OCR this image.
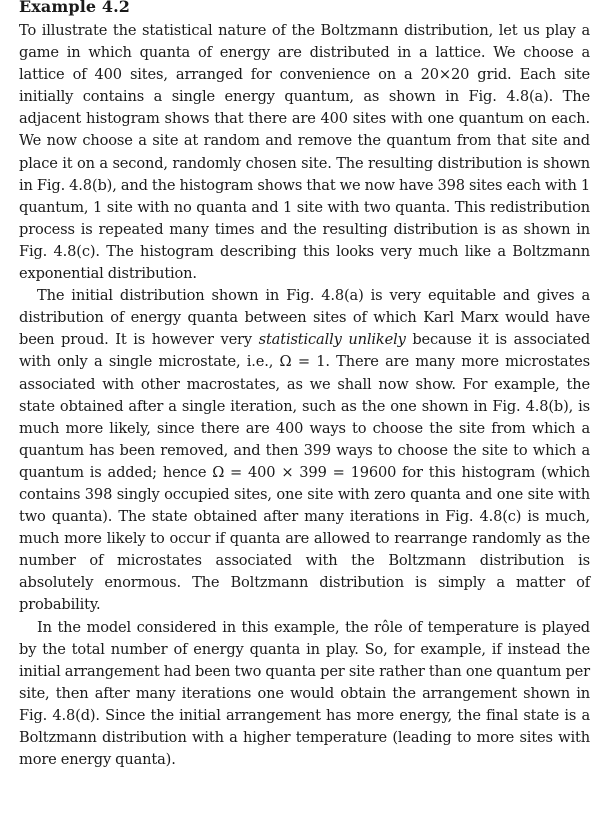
Example 4.2

To illustrate the statistical nature of the Boltzmann distribution, let us play a game in which quanta of energy are distributed in a lattice. We choose a lattice of 400 sites, arranged for convenience on a 20×20 grid. Each site initially contains a single energy quantum, as shown in Fig. 4.8(a). The adjacent histogram shows that there are 400 sites with one quantum on each. We now choose a site at random and remove the quantum from that site and place it on a second, randomly chosen site. The resulting distribution is shown in Fig. 4.8(b), and the histogram shows that we now have 398 sites each with 1 quantum, 1 site with no quanta and 1 site with two quanta. This redistribution process is repeated many times and the resulting distribution is as shown in Fig. 4.8(c). The histogram describing this looks very much like a Boltzmann exponential distribution.

The initial distribution shown in Fig. 4.8(a) is very equitable and gives a distribution of energy quanta between sites of which Karl Marx would have been proud. It is however very statistically unlikely because it is associated with only a single microstate, i.e., Ω = 1. There are many more microstates associated with other macrostates, as we shall now show. For example, the state obtained after a single iteration, such as the one shown in Fig. 4.8(b), is much more likely, since there are 400 ways to choose the site from which a quantum has been removed, and then 399 ways to choose the site to which a quantum is added; hence Ω = 400 × 399 = 19600 for this histogram (which contains 398 singly occupied sites, one site with zero quanta and one site with two quanta). The state obtained after many iterations in Fig. 4.8(c) is much, much more likely to occur if quanta are allowed to rearrange randomly as the number of microstates associated with the Boltzmann distribution is absolutely enormous. The Boltzmann distribution is simply a matter of probability.

In the model considered in this example, the rôle of temperature is played by the total number of energy quanta in play. So, for example, if instead the initial arrangement had been two quanta per site rather than one quantum per site, then after many iterations one would obtain the arrangement shown in Fig. 4.8(d). Since the initial arrangement has more energy, the final state is a Boltzmann distribution with a higher temperature (leading to more sites with more energy quanta).
